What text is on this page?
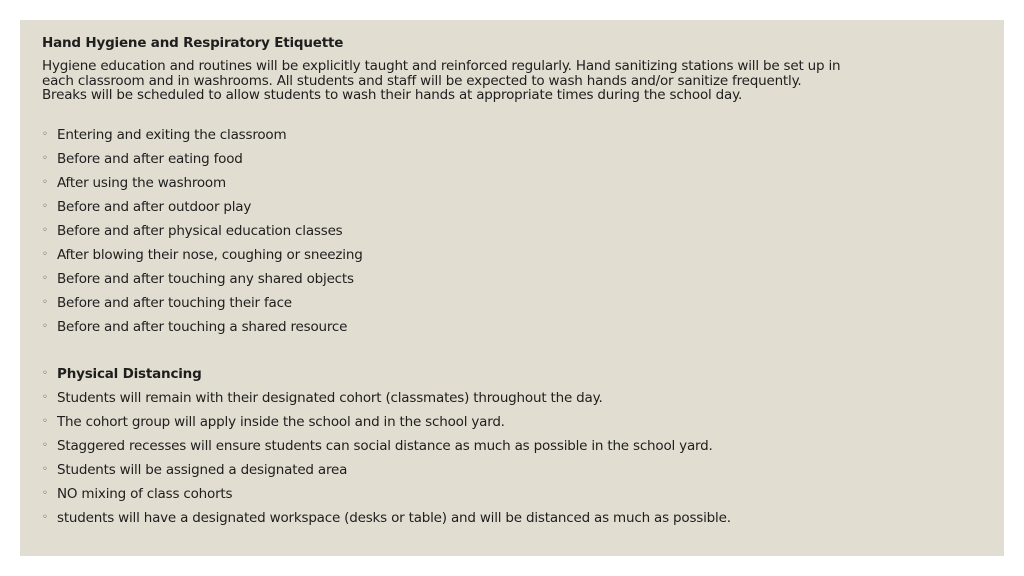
Hand Hygiene and Respiratory Etiquette
Hygiene education and routines will be explicitly taught and reinforced regularly. Hand sanitizing stations will be set up in each classroom and in washrooms. All students and staff will be expected to wash hands and/or sanitize frequently. Breaks will be scheduled to allow students to wash their hands at appropriate times during the school day.
◦ Entering and exiting the classroom
◦ Before and after eating food
◦ After using the washroom
◦ Before and after outdoor play
◦ Before and after physical education classes
◦ After blowing their nose, coughing or sneezing
◦ Before and after touching any shared objects
◦ Before and after touching their face
◦ Before and after touching a shared resource
◦ Physical Distancing
◦ Students will remain with their designated cohort (classmates) throughout the day.
◦ The cohort group will apply inside the school and in the school yard.
◦ Staggered recesses will ensure students can social distance as much as possible in the school yard.
◦ Students will be assigned a designated area
◦ NO mixing of class cohorts
◦ students will have a designated workspace (desks or table) and will be distanced as much as possible.
